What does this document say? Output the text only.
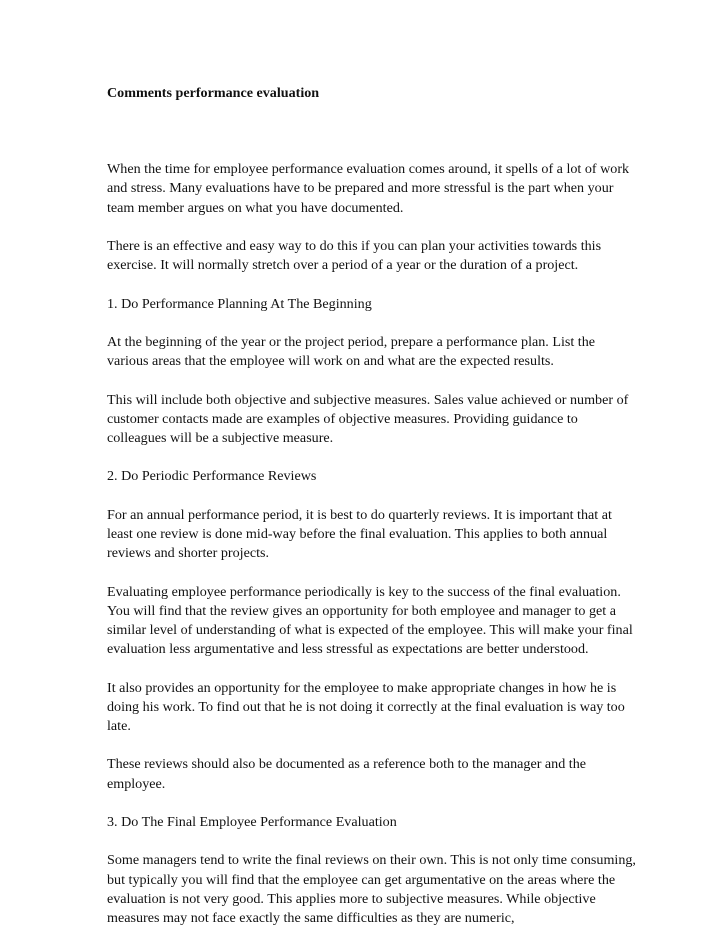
Comments performance evaluation

When the time for employee performance evaluation comes around, it spells of a lot of work and stress. Many evaluations have to be prepared and more stressful is the part when your team member argues on what you have documented.

There is an effective and easy way to do this if you can plan your activities towards this exercise. It will normally stretch over a period of a year or the duration of a project.

1. Do Performance Planning At The Beginning

At the beginning of the year or the project period, prepare a performance plan. List the various areas that the employee will work on and what are the expected results.

This will include both objective and subjective measures. Sales value achieved or number of customer contacts made are examples of objective measures. Providing guidance to colleagues will be a subjective measure.

2. Do Periodic Performance Reviews

For an annual performance period, it is best to do quarterly reviews. It is important that at least one review is done mid-way before the final evaluation. This applies to both annual reviews and shorter projects.

Evaluating employee performance periodically is key to the success of the final evaluation. You will find that the review gives an opportunity for both employee and manager to get a similar level of understanding of what is expected of the employee. This will make your final evaluation less argumentative and less stressful as expectations are better understood.

It also provides an opportunity for the employee to make appropriate changes in how he is doing his work. To find out that he is not doing it correctly at the final evaluation is way too late.

These reviews should also be documented as a reference both to the manager and the employee.

3. Do The Final Employee Performance Evaluation

Some managers tend to write the final reviews on their own. This is not only time consuming, but typically you will find that the employee can get argumentative on the areas where the evaluation is not very good. This applies more to subjective measures. While objective measures may not face exactly the same difficulties as they are numeric,
